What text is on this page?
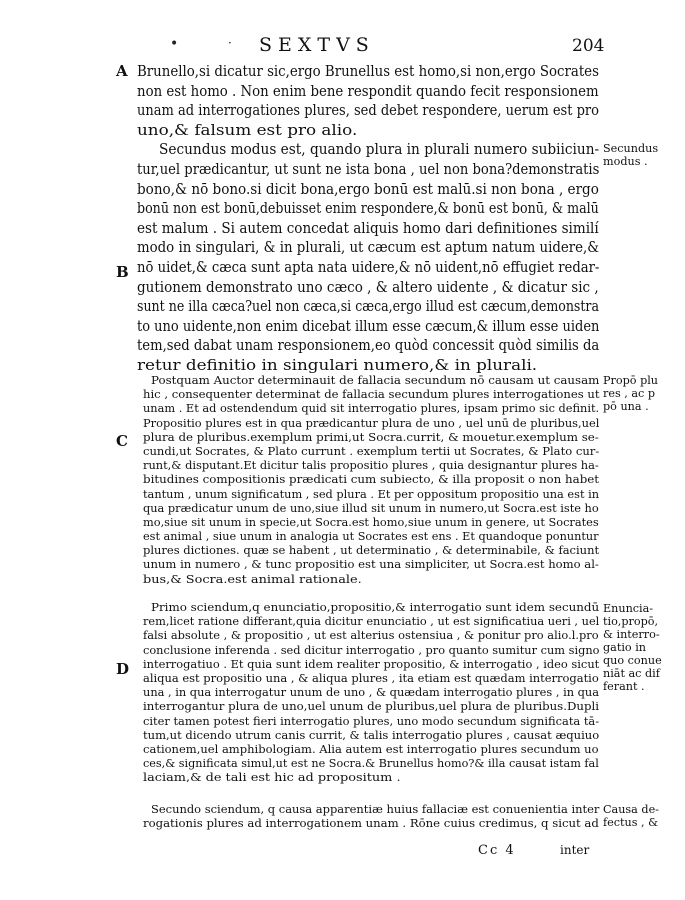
•	· SEXTVS	204
A
B
C
D
Brunello,si dicatur sic,ergo Brunellus est homo,si non,ergo Socrates
non est homo . Non enim bene respondit quando fecit responsionem
unam ad interrogationes plures, sed debet respondere, uerum est pro
uno,& falsum est pro alio.
Secundus modus est, quando plura in plurali numero subiiciun-
tur,uel prædicantur, ut sunt ne ista bona , uel non bona?demonstratis
bono,& nō bono.si dicit bona,ergo bonū est malū.si non bona , ergo
bonū non est bonū,debuisset enim respondere,& bonū est bonū, & malū
est malum . Si autem concedat aliquis homo dari definitiones similí
modo in singulari, & in plurali, ut cæcum est aptum natum uidere,&
nō uidet,& cæca sunt apta nata uidere,& nō uident,nō effugiet redar-
gutionem demonstrato uno cæco , & altero uidente , & dicatur sic ,
sunt ne illa cæca?uel non cæca,si cæca,ergo illud est cæcum,demonstra
to uno uidente,non enim dicebat illum esse cæcum,& illum esse uiden
tem,sed dabat unam responsionem,eo quòd concessit quòd similis da
retur definitio in singulari numero,& in plurali.
Postquam Auctor determinauit de fallacia secundum nō causam ut causam
hic , consequenter determinat de fallacia secundum plures interrogationes ut
unam . Et ad ostendendum quid sit interrogatio plures, ipsam primo sic definit.
Propositio plures est in qua prædicantur plura de uno , uel unū de pluribus,uel
plura de pluribus.exemplum primi,ut Socra.currit, & mouetur.exemplum se-
cundi,ut Socrates, & Plato currunt . exemplum tertii ut Socrates, & Plato cur-
runt,& disputant.Et dicitur talis propositio plures , quia designantur plures ha-
bitudines compositionis prædicati cum subiecto, & illa proposit o non habet
tantum , unum significatum , sed plura . Et per oppositum propositio una est in
qua prædicatur unum de uno,siue illud sit unum in numero,ut Socra.est iste ho
mo,siue sit unum in specie,ut Socra.est homo,siue unum in genere, ut Socrates
est animal , siue unum in analogia ut Socrates est ens . Et quandoque ponuntur
plures dictiones. quæ se habent , ut determinatio , & determinabile, & faciunt
unum in numero , & tunc propositio est una simpliciter, ut Socra.est homo al-
bus,& Socra.est animal rationale.
Primo sciendum,q enunciatio,propositio,& interrogatio sunt idem secundū
rem,licet ratione differant,quia dicitur enunciatio , ut est significatiua ueri , uel
falsi absolute , & propositio , ut est alterius ostensiua , & ponitur pro alio.l.pro
conclusione inferenda . sed dicitur interrogatio , pro quanto sumitur cum signo
interrogatiuo . Et quia sunt idem realiter propositio, & interrogatio , ideo sicut
aliqua est propositio una , & aliqua plures , ita etiam est quædam interrogatio
una , in qua interrogatur unum de uno , & quædam interrogatio plures , in qua
interrogantur plura de uno,uel unum de pluribus,uel plura de pluribus.Dupli
citer tamen potest fieri interrogatio plures, uno modo secundum significata tā-
tum,ut dicendo utrum canis currit, & talis interrogatio plures , causat æquiuo
cationem,uel amphibologiam. Alia autem est interrogatio plures secundum uo
ces,& significata simul,ut est ne Socra.& Brunellus homo?& illa causat istam fal
laciam,& de tali est hic ad propositum .
Secundo sciendum, q causa apparentiæ huius fallaciæ est conuenientia inter
rogationis plures ad interrogationem unam . Rōne cuius credimus, q sicut ad
Secundus
modus .
Propō plu
res , ac p
pō una .
Enuncia-
tio,propō,
& interro-
gatio in
quo conue
niāt ac dif
ferant .
Causa de-
fectus , &
Cc 4	inter
